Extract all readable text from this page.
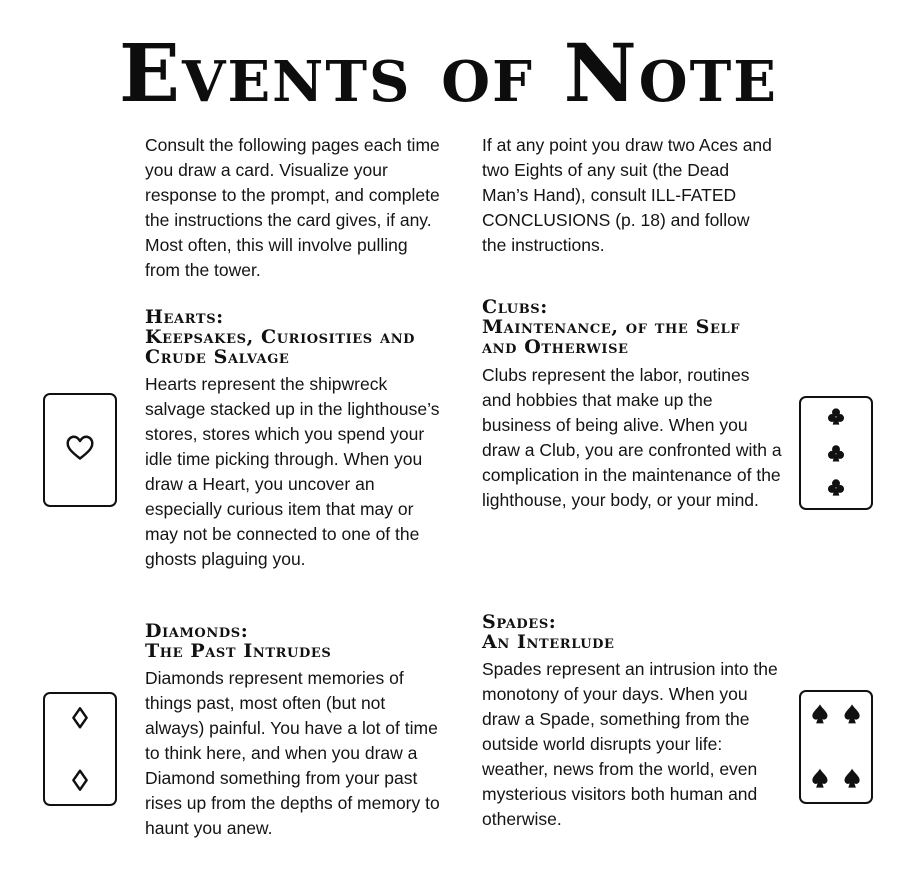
Events of Note

Consult the following pages each time you draw a card. Visualize your response to the prompt, and complete the instructions the card gives, if any. Most often, this will involve pulling from the tower.

If at any point you draw two Aces and two Eights of any suit (the Dead Man’s Hand), consult ILL-FATED CONCLUSIONS (p. 18) and follow the instructions.

Hearts:
Keepsakes, Curiosities and Crude Salvage

Hearts represent the shipwreck salvage stacked up in the lighthouse’s stores, stores which you spend your idle time picking through. When you draw a Heart, you uncover an especially curious item that may or may not be connected to one of the ghosts plaguing you.

Clubs:
Maintenance, of the Self and Otherwise

Clubs represent the labor, routines and hobbies that make up the business of being alive. When you draw a Club, you are confronted with a complication in the maintenance of the lighthouse, your body, or your mind.

Diamonds:
The Past Intrudes

Diamonds represent memories of things past, most often (but not always) painful. You have a lot of time to think here, and when you draw a Diamond something from your past rises up from the depths of memory to haunt you anew.

Spades:
An Interlude

Spades represent an intrusion into the monotony of your days. When you draw a Spade, something from the outside world disrupts your life: weather, news from the world, even mysterious visitors both human and otherwise.
